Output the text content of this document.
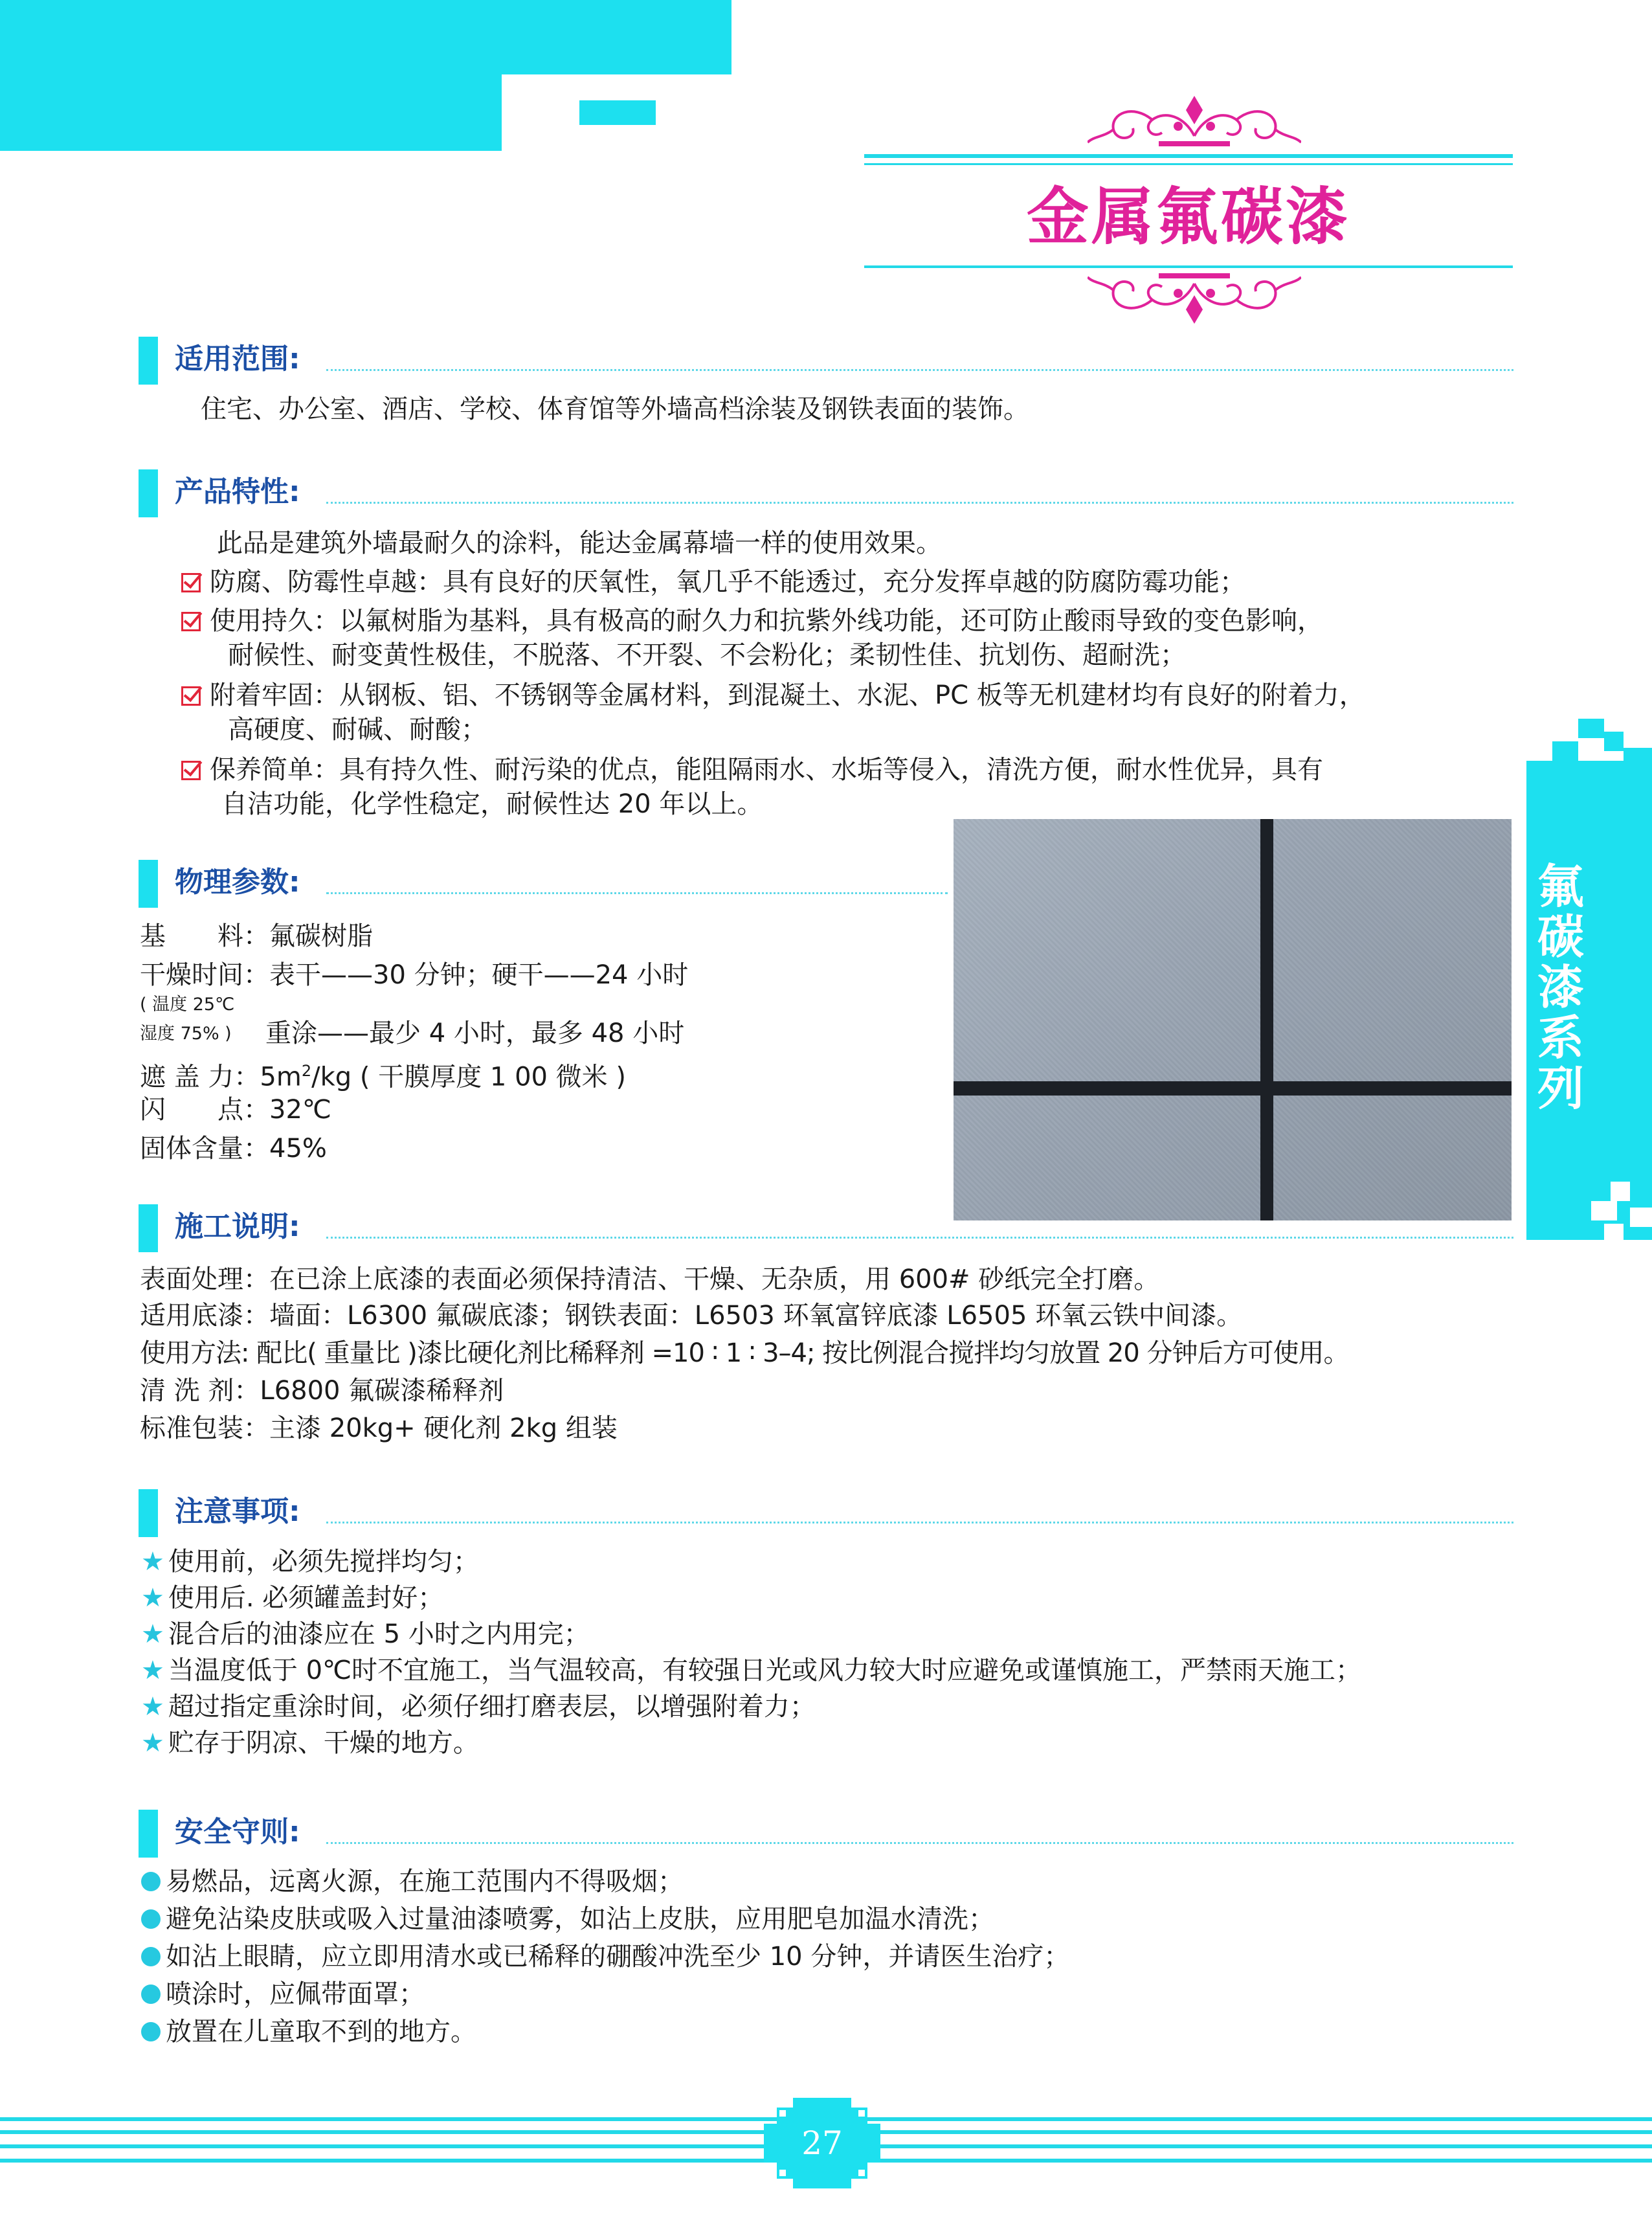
金属氟碳漆
适用范围:
住宅、办公室、酒店、学校、体育馆等外墙高档涂装及钢铁表面的装饰。
产品特性:
此品是建筑外墙最耐久的涂料，能达金属幕墙一样的使用效果。
防腐、防霉性卓越：具有良好的厌氧性，氧几乎不能透过，充分发挥卓越的防腐防霉功能；
使用持久：以氟树脂为基料，具有极高的耐久力和抗紫外线功能，还可防止酸雨导致的变色影响，
耐候性、耐变黄性极佳，不脱落、不开裂、不会粉化；柔韧性佳、抗划伤、超耐洗；
附着牢固：从钢板、铝、不锈钢等金属材料，到混凝土、水泥、PC 板等无机建材均有良好的附着力，
高硬度、耐碱、耐酸；
保养简单：具有持久性、耐污染的优点，能阻隔雨水、水垢等侵入，清洗方便，耐水性优异，具有
自洁功能，化学性稳定，耐候性达 20 年以上。
物理参数:
基　　料：氟碳树脂
干燥时间：表干——30 分钟；硬干——24 小时
( 温度 25℃
湿度 75% ) 重涂——最少 4 小时，最多 48 小时
遮 盖 力：$5m^2/kg$ ( 干膜厚度 1 00 微米 )
闪　　点：32℃
固体含量：45%
氟碳漆系列
施工说明:
表面处理：在已涂上底漆的表面必须保持清洁、干燥、无杂质，用 600# 砂纸完全打磨。
适用底漆：墙面：L6300 氟碳底漆；钢铁表面：L6503 环氧富锌底漆 L6505 环氧云铁中间漆。
使用方法: 配比( 重量比 )漆比硬化剂比稀释剂 =10 ∶ 1 ∶ 3–4; 按比例混合搅拌均匀放置 20 分钟后方可使用。
清 洗 剂：L6800 氟碳漆稀释剂
标准包装：主漆 20kg+ 硬化剂 2kg 组装
注意事项:
★ 使用前，必须先搅拌均匀；
★ 使用后. 必须罐盖封好；
★ 混合后的油漆应在 5 小时之内用完；
★ 当温度低于 0℃时不宜施工，当气温较高，有较强日光或风力较大时应避免或谨慎施工，严禁雨天施工；
★ 超过指定重涂时间，必须仔细打磨表层，以增强附着力；
★ 贮存于阴凉、干燥的地方。
安全守则:
易燃品，远离火源，在施工范围内不得吸烟；
避免沾染皮肤或吸入过量油漆喷雾，如沾上皮肤，应用肥皂加温水清洗；
如沾上眼睛，应立即用清水或已稀释的硼酸冲洗至少 10 分钟，并请医生治疗；
喷涂时，应佩带面罩；
放置在儿童取不到的地方。
27
